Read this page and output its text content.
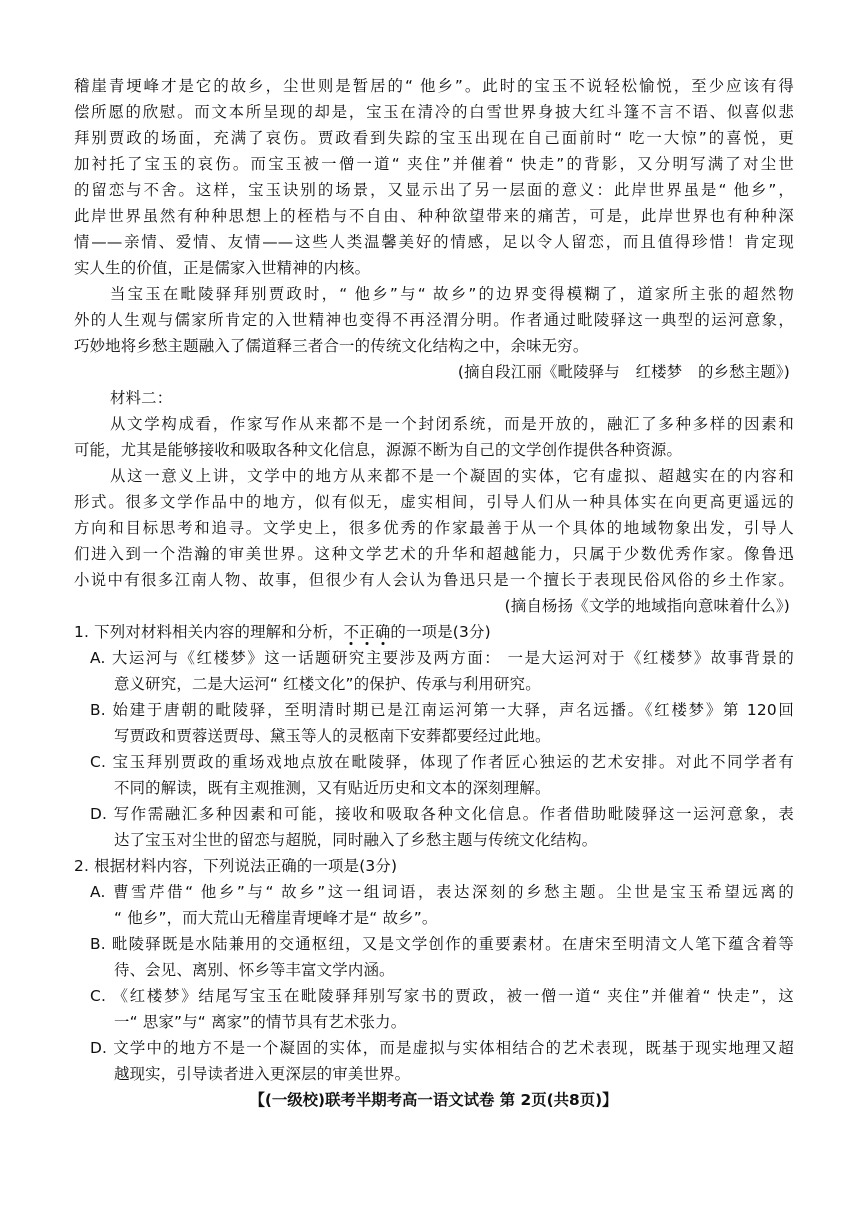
稽崖青埂峰才是它的故乡，尘世则是暂居的“ 他乡”。此时的宝玉不说轻松愉悦，至少应该有得
偿所愿的欣慰。而文本所呈现的却是，宝玉在清冷的白雪世界身披大红斗篷不言不语、似喜似悲
拜别贾政的场面，充满了哀伤。贾政看到失踪的宝玉出现在自己面前时“ 吃一大惊”的喜悦，更
加衬托了宝玉的哀伤。而宝玉被一僧一道“ 夹住”并催着“ 快走”的背影，又分明写满了对尘世
的留恋与不舍。这样，宝玉诀别的场景，又显示出了另一层面的意义：此岸世界虽是“ 他乡”，
此岸世界虽然有种种思想上的桎梏与不自由、种种欲望带来的痛苦，可是，此岸世界也有种种深
情——亲情、爱情、友情——这些人类温馨美好的情感，足以令人留恋，而且值得珍惜！肯定现
实人生的价值，正是儒家入世精神的内核。
当宝玉在毗陵驿拜别贾政时，“ 他乡”与“ 故乡”的边界变得模糊了，道家所主张的超然物
外的人生观与儒家所肯定的入世精神也变得不再泾渭分明。作者通过毗陵驿这一典型的运河意象，
巧妙地将乡愁主题融入了儒道释三者合一的传统文化结构之中，余味无穷。
(摘自段江丽《毗陵驿与　红楼梦　的乡愁主题》)
材料二：
从文学构成看，作家写作从来都不是一个封闭系统，而是开放的，融汇了多种多样的因素和
可能，尤其是能够接收和吸取各种文化信息，源源不断为自己的文学创作提供各种资源。
从这一意义上讲，文学中的地方从来都不是一个凝固的实体，它有虚拟、超越实在的内容和
形式。很多文学作品中的地方，似有似无，虚实相间，引导人们从一种具体实在向更高更遥远的
方向和目标思考和追寻。文学史上，很多优秀的作家最善于从一个具体的地域物象出发，引导人
们进入到一个浩瀚的审美世界。这种文学艺术的升华和超越能力，只属于少数优秀作家。像鲁迅
小说中有很多江南人物、故事，但很少有人会认为鲁迅只是一个擅长于表现民俗风俗的乡土作家。
(摘自杨扬《文学的地域指向意味着什么》)
1. 下列对材料相关内容的理解和分析，不正确的一项是(3分)
A. 大运河与《红楼梦》这一话题研究主要涉及两方面： 一是大运河对于《红楼梦》故事背景的
意义研究，二是大运河“ 红楼文化”的保护、传承与利用研究。
B. 始建于唐朝的毗陵驿，至明清时期已是江南运河第一大驿，声名远播。《红楼梦》第 120回
写贾政和贾蓉送贾母、黛玉等人的灵柩南下安葬都要经过此地。
C. 宝玉拜别贾政的重场戏地点放在毗陵驿，体现了作者匠心独运的艺术安排。对此不同学者有
不同的解读，既有主观推测，又有贴近历史和文本的深刻理解。
D. 写作需融汇多种因素和可能，接收和吸取各种文化信息。作者借助毗陵驿这一运河意象，表
达了宝玉对尘世的留恋与超脱，同时融入了乡愁主题与传统文化结构。
2. 根据材料内容，下列说法正确的一项是(3分)
A. 曹雪芹借“ 他乡”与“ 故乡”这一组词语，表达深刻的乡愁主题。尘世是宝玉希望远离的
“ 他乡”，而大荒山无稽崖青埂峰才是“ 故乡”。
B. 毗陵驿既是水陆兼用的交通枢纽，又是文学创作的重要素材。在唐宋至明清文人笔下蕴含着等
待、会见、离别、怀乡等丰富文学内涵。
C. 《红楼梦》结尾写宝玉在毗陵驿拜别写家书的贾政，被一僧一道“ 夹住”并催着“ 快走”，这
一“ 思家”与“ 离家”的情节具有艺术张力。
D. 文学中的地方不是一个凝固的实体，而是虚拟与实体相结合的艺术表现，既基于现实地理又超
越现实，引导读者进入更深层的审美世界。
【(一级校)联考半期考高一语文试卷 第 2页(共8页)】
